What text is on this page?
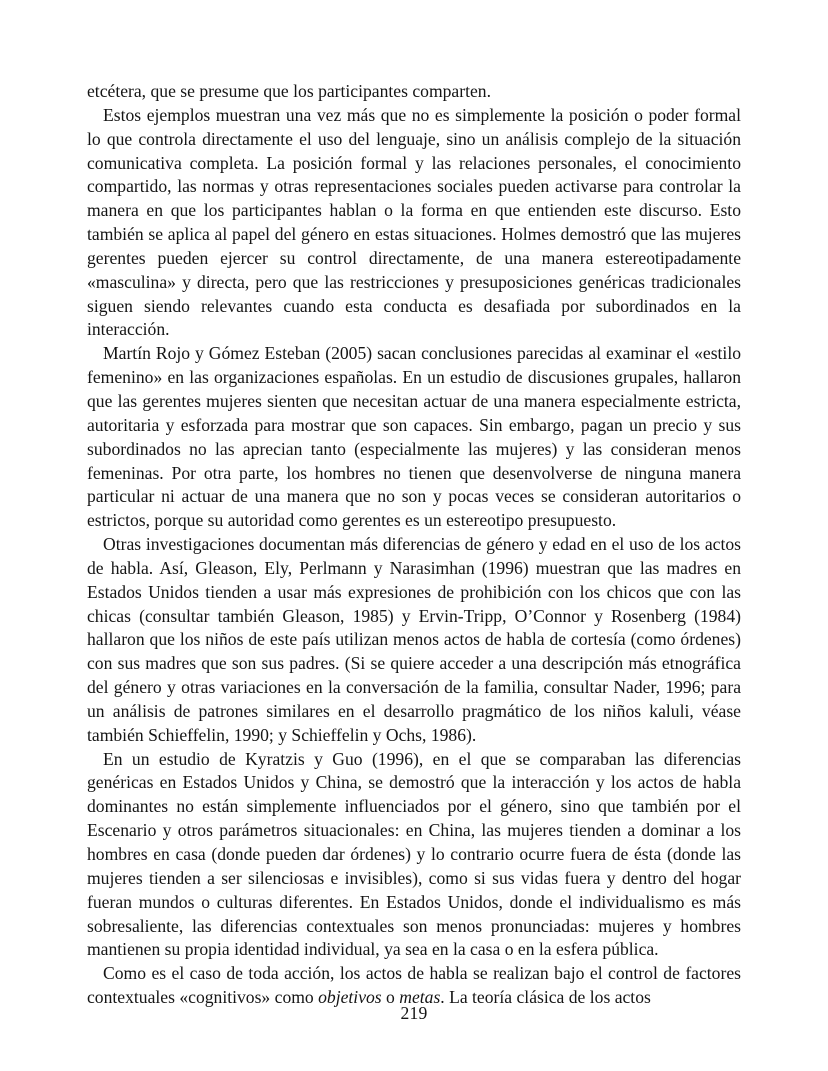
etcétera, que se presume que los participantes comparten.

Estos ejemplos muestran una vez más que no es simplemente la posición o poder formal lo que controla directamente el uso del lenguaje, sino un análisis complejo de la situación comunicativa completa. La posición formal y las relaciones personales, el conocimiento compartido, las normas y otras representaciones sociales pueden activarse para controlar la manera en que los participantes hablan o la forma en que entienden este discurso. Esto también se aplica al papel del género en estas situaciones. Holmes demostró que las mujeres gerentes pueden ejercer su control directamente, de una manera estereotipadamente «masculina» y directa, pero que las restricciones y presuposiciones genéricas tradicionales siguen siendo relevantes cuando esta conducta es desafiada por subordinados en la interacción.

Martín Rojo y Gómez Esteban (2005) sacan conclusiones parecidas al examinar el «estilo femenino» en las organizaciones españolas. En un estudio de discusiones grupales, hallaron que las gerentes mujeres sienten que necesitan actuar de una manera especialmente estricta, autoritaria y esforzada para mostrar que son capaces. Sin embargo, pagan un precio y sus subordinados no las aprecian tanto (especialmente las mujeres) y las consideran menos femeninas. Por otra parte, los hombres no tienen que desenvolverse de ninguna manera particular ni actuar de una manera que no son y pocas veces se consideran autoritarios o estrictos, porque su autoridad como gerentes es un estereotipo presupuesto.

Otras investigaciones documentan más diferencias de género y edad en el uso de los actos de habla. Así, Gleason, Ely, Perlmann y Narasimhan (1996) muestran que las madres en Estados Unidos tienden a usar más expresiones de prohibición con los chicos que con las chicas (consultar también Gleason, 1985) y Ervin-Tripp, O’Connor y Rosenberg (1984) hallaron que los niños de este país utilizan menos actos de habla de cortesía (como órdenes) con sus madres que son sus padres. (Si se quiere acceder a una descripción más etnográfica del género y otras variaciones en la conversación de la familia, consultar Nader, 1996; para un análisis de patrones similares en el desarrollo pragmático de los niños kaluli, véase también Schieffelin, 1990; y Schieffelin y Ochs, 1986).

En un estudio de Kyratzis y Guo (1996), en el que se comparaban las diferencias genéricas en Estados Unidos y China, se demostró que la interacción y los actos de habla dominantes no están simplemente influenciados por el género, sino que también por el Escenario y otros parámetros situacionales: en China, las mujeres tienden a dominar a los hombres en casa (donde pueden dar órdenes) y lo contrario ocurre fuera de ésta (donde las mujeres tienden a ser silenciosas e invisibles), como si sus vidas fuera y dentro del hogar fueran mundos o culturas diferentes. En Estados Unidos, donde el individualismo es más sobresaliente, las diferencias contextuales son menos pronunciadas: mujeres y hombres mantienen su propia identidad individual, ya sea en la casa o en la esfera pública.

Como es el caso de toda acción, los actos de habla se realizan bajo el control de factores contextuales «cognitivos» como objetivos o metas. La teoría clásica de los actos

219
